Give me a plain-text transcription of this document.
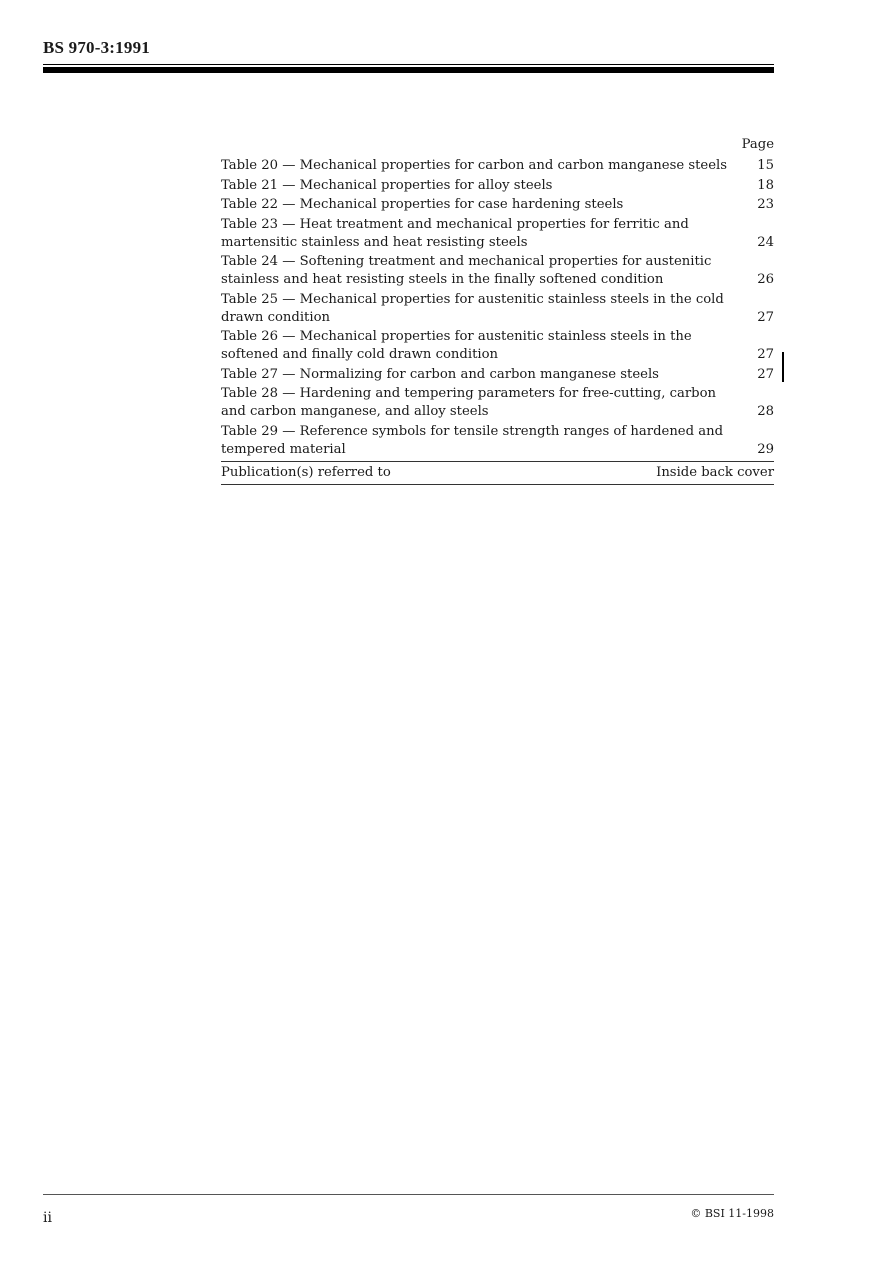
BS 970-3:1991
Page
Table 20 — Mechanical properties for carbon and carbon manganese steels	15
Table 21 — Mechanical properties for alloy steels	18
Table 22 — Mechanical properties for case hardening steels	23
Table 23 — Heat treatment and mechanical properties for ferritic and martensitic stainless and heat resisting steels	24
Table 24 — Softening treatment and mechanical properties for austenitic stainless and heat resisting steels in the finally softened condition	26
Table 25 — Mechanical properties for austenitic stainless steels in the cold drawn condition	27
Table 26 — Mechanical properties for austenitic stainless steels in the softened and finally cold drawn condition	27
Table 27 — Normalizing for carbon and carbon manganese steels	27
Table 28 — Hardening and tempering parameters for free-cutting, carbon and carbon manganese, and alloy steels	28
Table 29 — Reference symbols for tensile strength ranges of hardened and tempered material	29
Publication(s) referred to	Inside back cover
ii	© BSI 11-1998
